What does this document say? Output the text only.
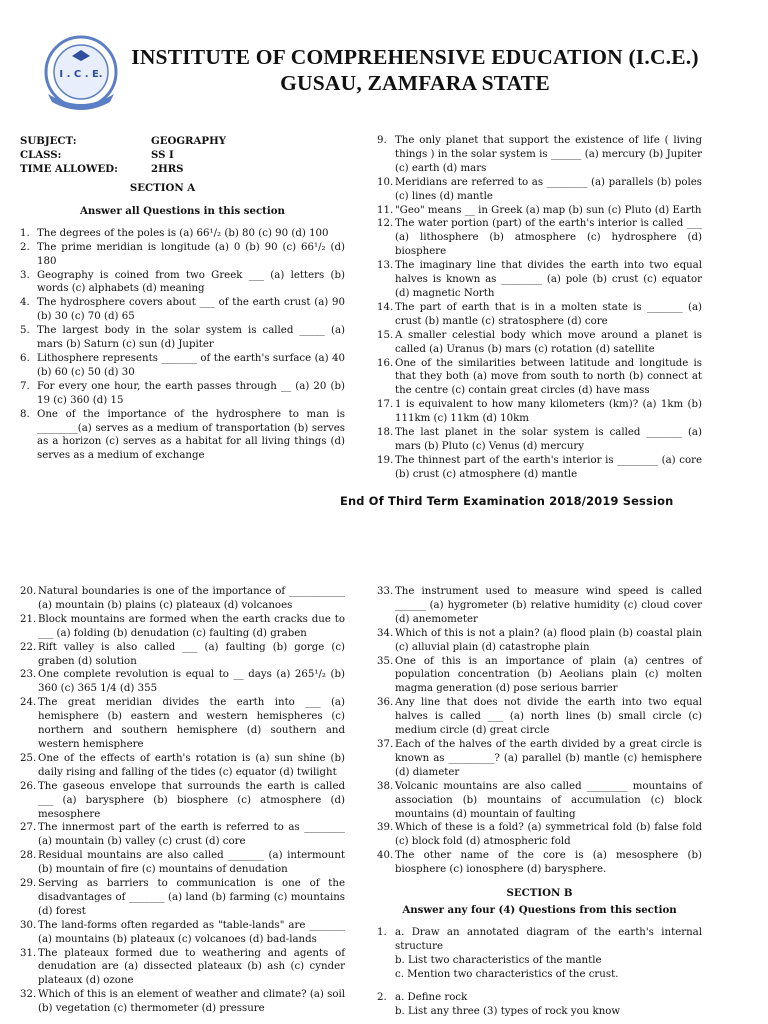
I . C . E.
INSTITUTE OF COMPREHENSIVE EDUCATION (I.C.E.)
GUSAU, ZAMFARA STATE
SUBJECT:	GEOGRAPHY
CLASS:	SS I
TIME ALLOWED:	2HRS

SECTION A

Answer all Questions in this section

1. The degrees of the poles is (a) 66¹/₂ (b) 80 (c) 90 (d) 100
2. The prime meridian is longitude (a) 0 (b) 90 (c) 66¹/₂ (d) 180
3. Geography is coined from two Greek ___ (a) letters (b) words (c) alphabets (d) meaning
4. The hydrosphere covers about ___ of the earth crust (a) 90 (b) 30 (c) 70 (d) 65
5. The largest body in the solar system is called _____ (a) mars (b) Saturn (c) sun (d) Jupiter
6. Lithosphere represents _______ of the earth's surface (a) 40 (b) 60 (c) 50 (d) 30
7. For every one hour, the earth passes through __ (a) 20 (b) 19 (c) 360 (d) 15
8. One of the importance of the hydrosphere to man is ________(a) serves as a medium of transportation (b) serves as a horizon (c) serves as a habitat for all living things (d) serves as a medium of exchange
9. The only planet that support the existence of life ( living things ) in the solar system is ______ (a) mercury (b) Jupiter (c) earth (d) mars
10. Meridians are referred to as ________ (a) parallels (b) poles (c) lines (d) mantle
11. "Geo" means __ in Greek (a) map (b) sun (c) Pluto (d) Earth
12. The water portion (part) of the earth's interior is called ___ (a) lithosphere (b) atmosphere (c) hydrosphere (d) biosphere
13. The imaginary line that divides the earth into two equal halves is known as ________ (a) pole (b) crust (c) equator (d) magnetic North
14. The part of earth that is in a molten state is _______ (a) crust (b) mantle (c) stratosphere (d) core
15. A smaller celestial body which move around a planet is called (a) Uranus (b) mars (c) rotation (d) satellite
16. One of the similarities between latitude and longitude is that they both (a) move from south to north (b) connect at the centre (c) contain great circles (d) have mass
17. 1 is equivalent to how many kilometers (km)? (a) 1km (b) 111km (c) 11km (d) 10km
18. The last planet in the solar system is called _______ (a) mars (b) Pluto (c) Venus (d) mercury
19. The thinnest part of the earth's interior is ________ (a) core (b) crust (c) atmosphere (d) mantle
End Of Third Term Examination 2018/2019 Session
20. Natural boundaries is one of the importance of ___________ (a) mountain (b) plains (c) plateaux (d) volcanoes
21. Block mountains are formed when the earth cracks due to ___ (a) folding (b) denudation (c) faulting (d) graben
22. Rift valley is also called ___ (a) faulting (b) gorge (c) graben (d) solution
23. One complete revolution is equal to __ days (a) 265¹/₂ (b) 360 (c) 365 1/4 (d) 355
24. The great meridian divides the earth into ___ (a) hemisphere (b) eastern and western hemispheres (c) northern and southern hemisphere (d) southern and western hemisphere
25. One of the effects of earth's rotation is (a) sun shine (b) daily rising and falling of the tides (c) equator (d) twilight
26. The gaseous envelope that surrounds the earth is called ___ (a) barysphere (b) biosphere (c) atmosphere (d) mesosphere
27. The innermost part of the earth is referred to as ________ (a) mountain (b) valley (c) crust (d) core
28. Residual mountains are also called _______ (a) intermount (b) mountain of fire (c) mountains of denudation
29. Serving as barriers to communication is one of the disadvantages of _______ (a) land (b) farming (c) mountains (d) forest
30. The land-forms often regarded as "table-lands" are _______ (a) mountains (b) plateaux (c) volcanoes (d) bad-lands
31. The plateaux formed due to weathering and agents of denudation are (a) dissected plateaux (b) ash (c) cynder plateaux (d) ozone
32. Which of this is an element of weather and climate? (a) soil (b) vegetation (c) thermometer (d) pressure
33. The instrument used to measure wind speed is called ______ (a) hygrometer (b) relative humidity (c) cloud cover (d) anemometer
34. Which of this is not a plain? (a) flood plain (b) coastal plain (c) alluvial plain (d) catastrophe plain
35. One of this is an importance of plain (a) centres of population concentration (b) Aeolians plain (c) molten magma generation (d) pose serious barrier
36. Any line that does not divide the earth into two equal halves is called ___ (a) north lines (b) small circle (c) medium circle (d) great circle
37. Each of the halves of the earth divided by a great circle is known as _________? (a) parallel (b) mantle (c) hemisphere (d) diameter
38. Volcanic mountains are also called ________ mountains of association (b) mountains of accumulation (c) block mountains (d) mountain of faulting
39. Which of these is a fold? (a) symmetrical fold (b) false fold (c) block fold (d) atmospheric fold
40. The other name of the core is (a) mesosphere (b) biosphere (c) ionosphere (d) barysphere.

SECTION B

Answer any four (4) Questions from this section

1. a. Draw an annotated diagram of the earth's internal structure
b. List two characteristics of the mantle
c. Mention two characteristics of the crust.
2. a. Define rock
b. List any three (3) types of rock you know
